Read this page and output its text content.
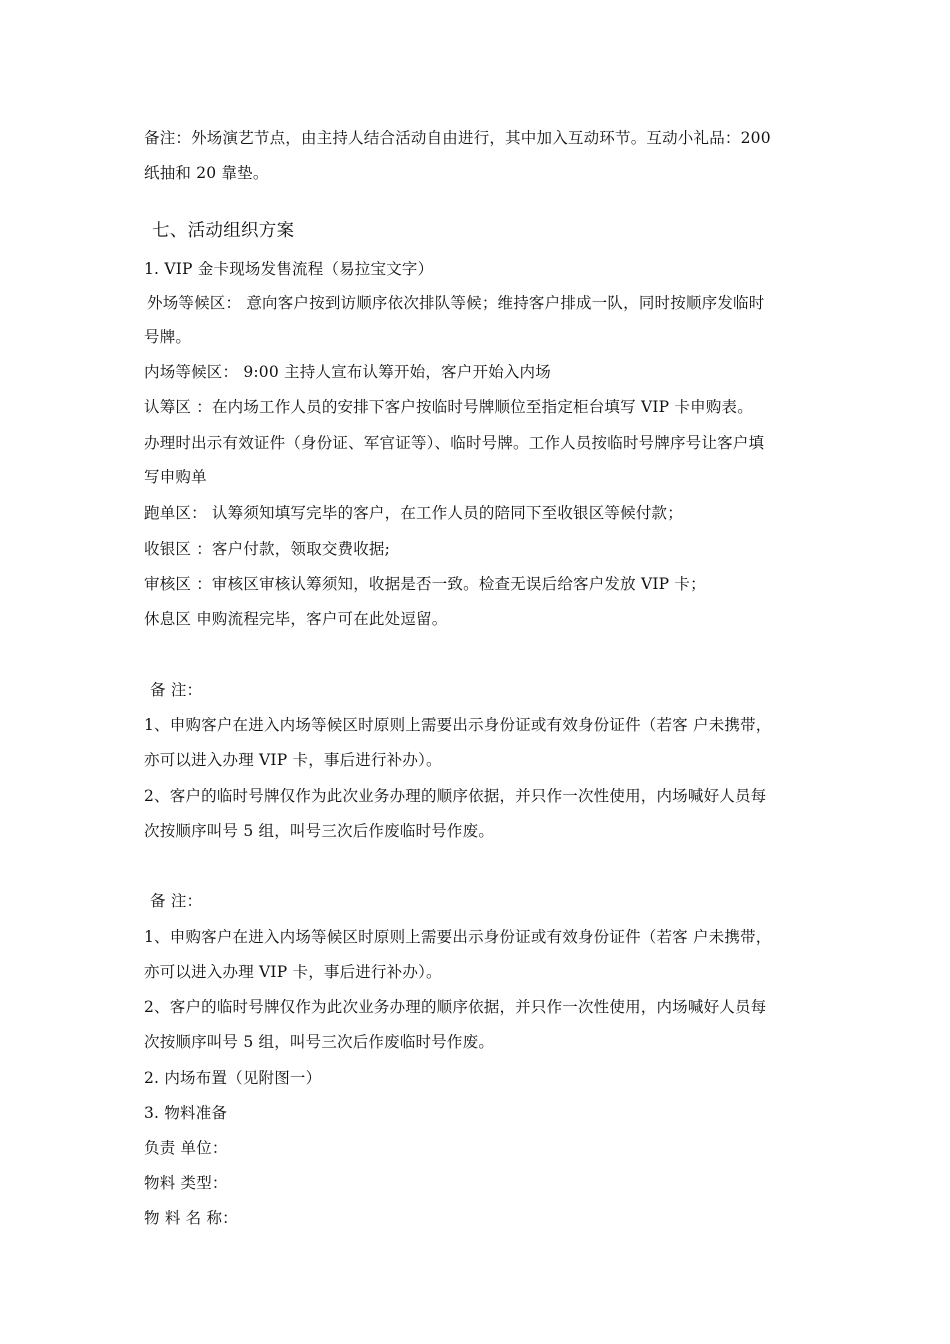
备注：外场演艺节点，由主持人结合活动自由进行，其中加入互动环节。互动小礼品：200
纸抽和 20 靠垫。
七、活动组织方案
1. VIP 金卡现场发售流程（易拉宝文字）
外场等候区： 意向客户按到访顺序依次排队等候；维持客户排成一队，同时按顺序发临时
号牌。
内场等候区： 9:00 主持人宣布认筹开始，客户开始入内场
认筹区 ：在内场工作人员的安排下客户按临时号牌顺位至指定柜台填写 VIP 卡申购表。
办理时出示有效证件（身份证、军官证等）、临时号牌。工作人员按临时号牌序号让客户填
写申购单
跑单区： 认筹须知填写完毕的客户，在工作人员的陪同下至收银区等候付款；
收银区 ：客户付款，领取交费收据;
审核区 ：审核区审核认筹须知，收据是否一致。检查无误后给客户发放 VIP 卡；
休息区 申购流程完毕，客户可在此处逗留。
备 注：
1、申购客户在进入内场等候区时原则上需要出示身份证或有效身份证件（若客 户未携带，
亦可以进入办理 VIP 卡，事后进行补办）。
2、客户的临时号牌仅作为此次业务办理的顺序依据，并只作一次性使用，内场喊好人员每
次按顺序叫号 5 组，叫号三次后作废临时号作废。
备 注：
1、申购客户在进入内场等候区时原则上需要出示身份证或有效身份证件（若客 户未携带，
亦可以进入办理 VIP 卡，事后进行补办）。
2、客户的临时号牌仅作为此次业务办理的顺序依据，并只作一次性使用，内场喊好人员每
次按顺序叫号 5 组，叫号三次后作废临时号作废。
2. 内场布置（见附图一）
3. 物料准备
负责 单位：
物料 类型：
物 料 名 称：
